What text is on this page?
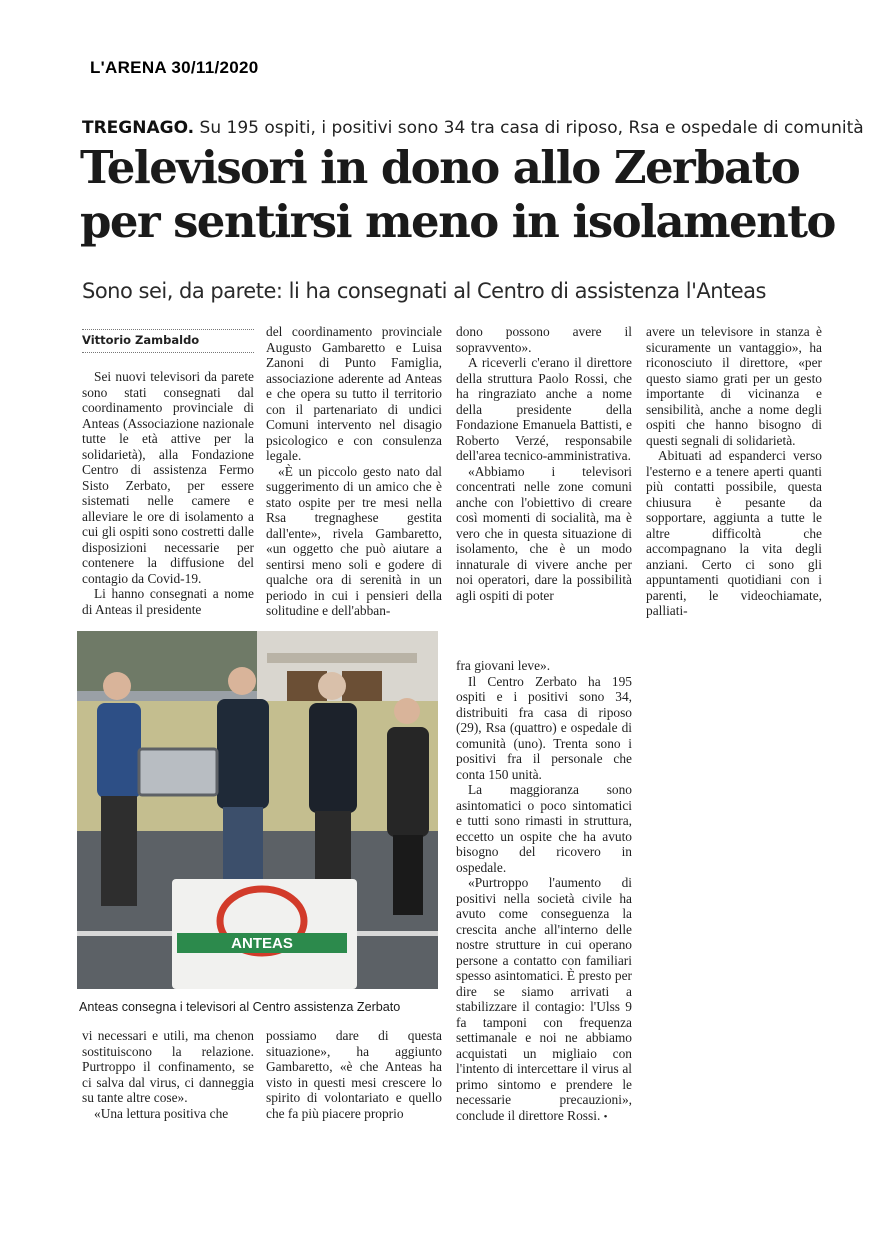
L'ARENA 30/11/2020
TREGNAGO. Su 195 ospiti, i positivi sono 34 tra casa di riposo, Rsa e ospedale di comunità
Televisori in dono allo Zerbato
per sentirsi meno in isolamento
Sono sei, da parete: li ha consegnati al Centro di assistenza l'Anteas
Vittorio Zambaldo

Sei nuovi televisori da parete sono stati consegnati dal coordinamento provinciale di Anteas (Associazione nazionale tutte le età attive per la solidarietà), alla Fondazione Centro di assistenza Fermo Sisto Zerbato, per essere sistemati nelle camere e alleviare le ore di isolamento a cui gli ospiti sono costretti dalle disposizioni necessarie per contenere la diffusione del contagio da Covid-19.

Li hanno consegnati a nome di Anteas il presidente

del coordinamento provinciale Augusto Gambaretto e Luisa Zanoni di Punto Famiglia, associazione aderente ad Anteas e che opera su tutto il territorio con il partenariato di undici Comuni intervento nel disagio psicologico e con consulenza legale.

«È un piccolo gesto nato dal suggerimento di un amico che è stato ospite per tre mesi nella Rsa tregnaghese gestita dall'ente», rivela Gambaretto, «un oggetto che può aiutare a sentirsi meno soli e godere di qualche ora di serenità in un periodo in cui i pensieri della solitudine e dell'abban-

dono possono avere il sopravvento».

A riceverli c'erano il direttore della struttura Paolo Rossi, che ha ringraziato anche a nome della presidente della Fondazione Emanuela Battisti, e Roberto Verzé, responsabile dell'area tecnico-amministrativa.

«Abbiamo i televisori concentrati nelle zone comuni anche con l'obiettivo di creare così momenti di socialità, ma è vero che in questa situazione di isolamento, che è un modo innaturale di vivere anche per noi operatori, dare la possibilità agli ospiti di poter

avere un televisore in stanza è sicuramente un vantaggio», ha riconosciuto il direttore, «per questo siamo grati per un gesto importante di vicinanza e sensibilità, anche a nome degli ospiti che hanno bisogno di questi segnali di solidarietà.

Abituati ad espanderci verso l'esterno e a tenere aperti quanti più contatti possibile, questa chiusura è pesante da sopportare, aggiunta a tutte le altre difficoltà che accompagnano la vita degli anziani. Certo ci sono gli appuntamenti quotidiani con i parenti, le videochiamate, palliati-

ANTEAS
Anteas consegna i televisori al Centro assistenza Zerbato

fra giovani leve».

Il Centro Zerbato ha 195 ospiti e i positivi sono 34, distribuiti fra casa di riposo (29), Rsa (quattro) e ospedale di comunità (uno). Trenta sono i positivi fra il personale che conta 150 unità.

La maggioranza sono asintomatici o poco sintomatici e tutti sono rimasti in struttura, eccetto un ospite che ha avuto bisogno del ricovero in ospedale.

«Purtroppo l'aumento di positivi nella società civile ha avuto come conseguenza la crescita anche all'interno delle nostre strutture in cui operano persone a contatto con familiari spesso asintomatici. È presto per dire se siamo arrivati a stabilizzare il contagio: l'Ulss 9 fa tamponi con frequenza settimanale e noi ne abbiamo acquistati un migliaio con l'intento di intercettare il virus al primo sintomo e prendere le necessarie precauzioni», conclude il direttore Rossi. •

vi necessari e utili, ma chenon sostituiscono la relazione. Purtroppo il confinamento, se ci salva dal virus, ci danneggia su tante altre cose».

«Una lettura positiva che

possiamo dare di questa situazione», ha aggiunto Gambaretto, «è che Anteas ha visto in questi mesi crescere lo spirito di volontariato e quello che fa più piacere proprio
